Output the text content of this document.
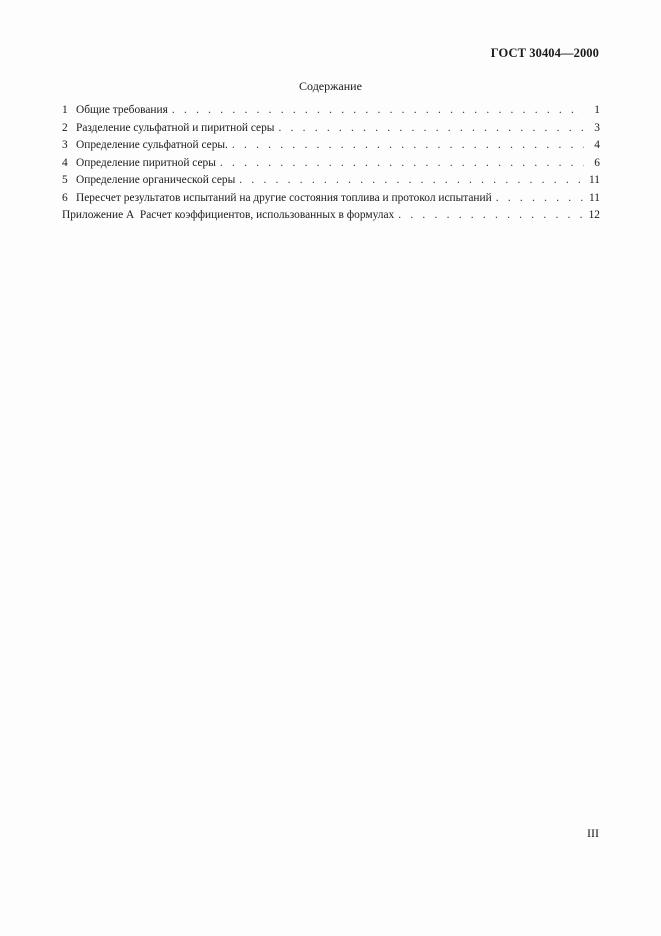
ГОСТ 30404—2000
Содержание
1 Общие требования . . .	1
2 Разделение сульфатной и пиритной серы . . .	3
3 Определение сульфатной серы. . . .	4
4 Определение пиритной серы . . .	6
5 Определение органической серы . . .	11
6 Пересчет результатов испытаний на другие состояния топлива и протокол испытаний . . .	11
Приложение А  Расчет коэффициентов, использованных в формулах . . .	12
III
